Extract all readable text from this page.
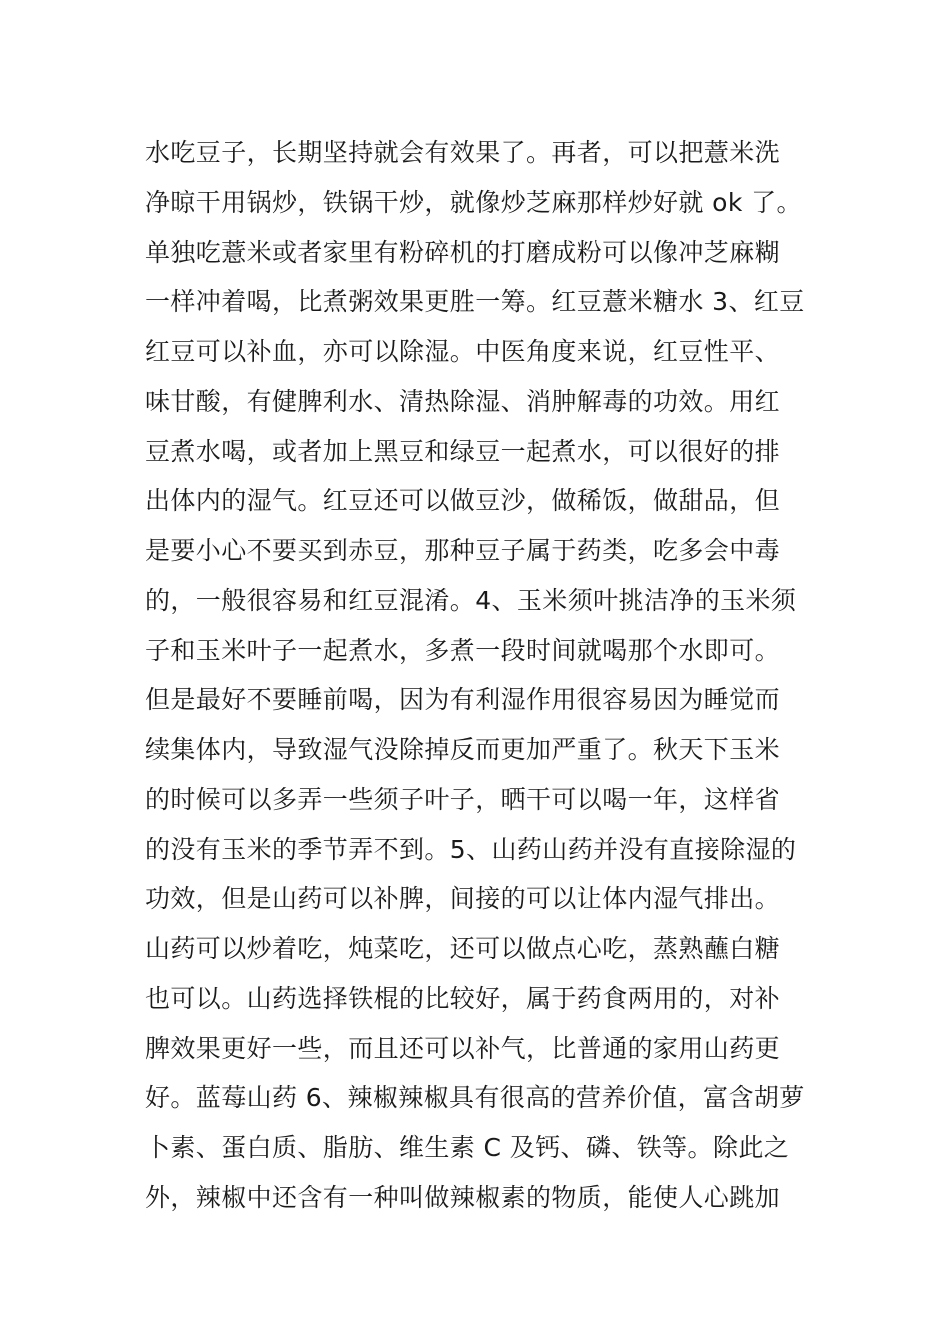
水吃豆子，长期坚持就会有效果了。再者，可以把薏米洗
净晾干用锅炒，铁锅干炒，就像炒芝麻那样炒好就 ok 了。
单独吃薏米或者家里有粉碎机的打磨成粉可以像冲芝麻糊
一样冲着喝，比煮粥效果更胜一筹。红豆薏米糖水 3、红豆
红豆可以补血，亦可以除湿。中医角度来说，红豆性平、
味甘酸，有健脾利水、清热除湿、消肿解毒的功效。用红
豆煮水喝，或者加上黑豆和绿豆一起煮水，可以很好的排
出体内的湿气。红豆还可以做豆沙，做稀饭，做甜品，但
是要小心不要买到赤豆，那种豆子属于药类，吃多会中毒
的，一般很容易和红豆混淆。4、玉米须叶挑洁净的玉米须
子和玉米叶子一起煮水，多煮一段时间就喝那个水即可。
但是最好不要睡前喝，因为有利湿作用很容易因为睡觉而
续集体内，导致湿气没除掉反而更加严重了。秋天下玉米
的时候可以多弄一些须子叶子，晒干可以喝一年，这样省
的没有玉米的季节弄不到。5、山药山药并没有直接除湿的
功效，但是山药可以补脾，间接的可以让体内湿气排出。
山药可以炒着吃，炖菜吃，还可以做点心吃，蒸熟蘸白糖
也可以。山药选择铁棍的比较好，属于药食两用的，对补
脾效果更好一些，而且还可以补气，比普通的家用山药更
好。蓝莓山药 6、辣椒辣椒具有很高的营养价值，富含胡萝
卜素、蛋白质、脂肪、维生素 C 及钙、磷、铁等。除此之
外，辣椒中还含有一种叫做辣椒素的物质，能使人心跳加
